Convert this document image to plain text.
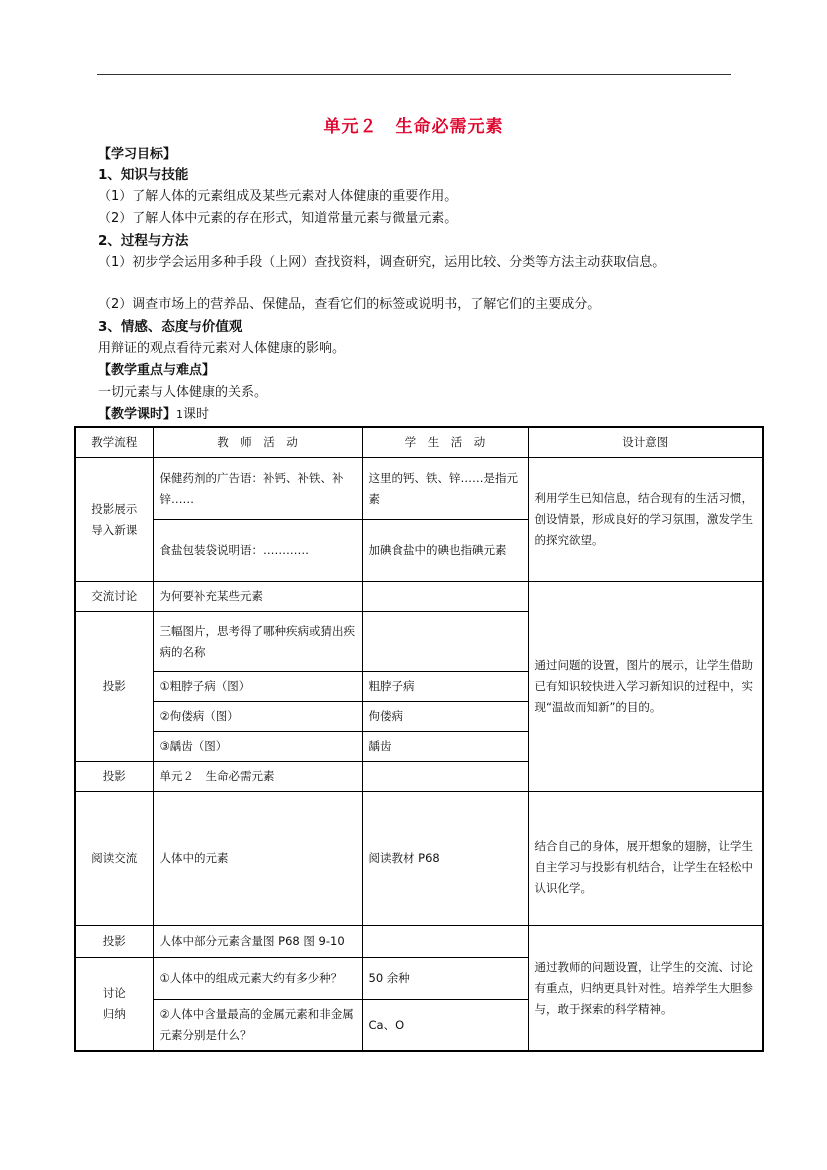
单元２　生命必需元素
【学习目标】
1、知识与技能
（1）了解人体的元素组成及某些元素对人体健康的重要作用。
（2）了解人体中元素的存在形式，知道常量元素与微量元素。
2、过程与方法
（1）初步学会运用多种手段（上网）查找资料，调查研究，运用比较、分类等方法主动获取信息。
（2）调查市场上的营养品、保健品，查看它们的标签或说明书，了解它们的主要成分。
3、情感、态度与价值观
用辩证的观点看待元素对人体健康的影响。
【教学重点与难点】
一切元素与人体健康的关系。
【教学课时】1课时
教学流程	教　师　活　动	学　生　活　动	设计意图
投影展示
导入新课	保健药剂的广告语：补钙、补铁、补锌……	这里的钙、铁、锌……是指元素	利用学生已知信息，结合现有的生活习惯，创设情景，形成良好的学习氛围，激发学生的探究欲望。
	食盐包装袋说明语：…………	加碘食盐中的碘也指碘元素	
交流讨论	为何要补充某些元素		通过问题的设置，图片的展示，让学生借助已有知识较快进入学习新知识的过程中，实现“温故而知新”的目的。
投影	三幅图片，思考得了哪种疾病或猜出疾病的名称		
	①粗脖子病（图）	粗脖子病	
	②佝偻病（图）	佝偻病	
	③龋齿（图）	龋齿	
投影	单元２　生命必需元素		
阅读交流	人体中的元素	阅读教材 P68	结合自己的身体，展开想象的翅膀，让学生自主学习与投影有机结合，让学生在轻松中认识化学。
投影	人体中部分元素含量图 P68 图 9-10		通过教师的问题设置，让学生的交流、讨论有重点，归纳更具针对性。培养学生大胆参与，敢于探索的科学精神。
讨论
归纳	①人体中的组成元素大约有多少种？	50 余种	
	②人体中含量最高的金属元素和非金属元素分别是什么？	Ca、O	
